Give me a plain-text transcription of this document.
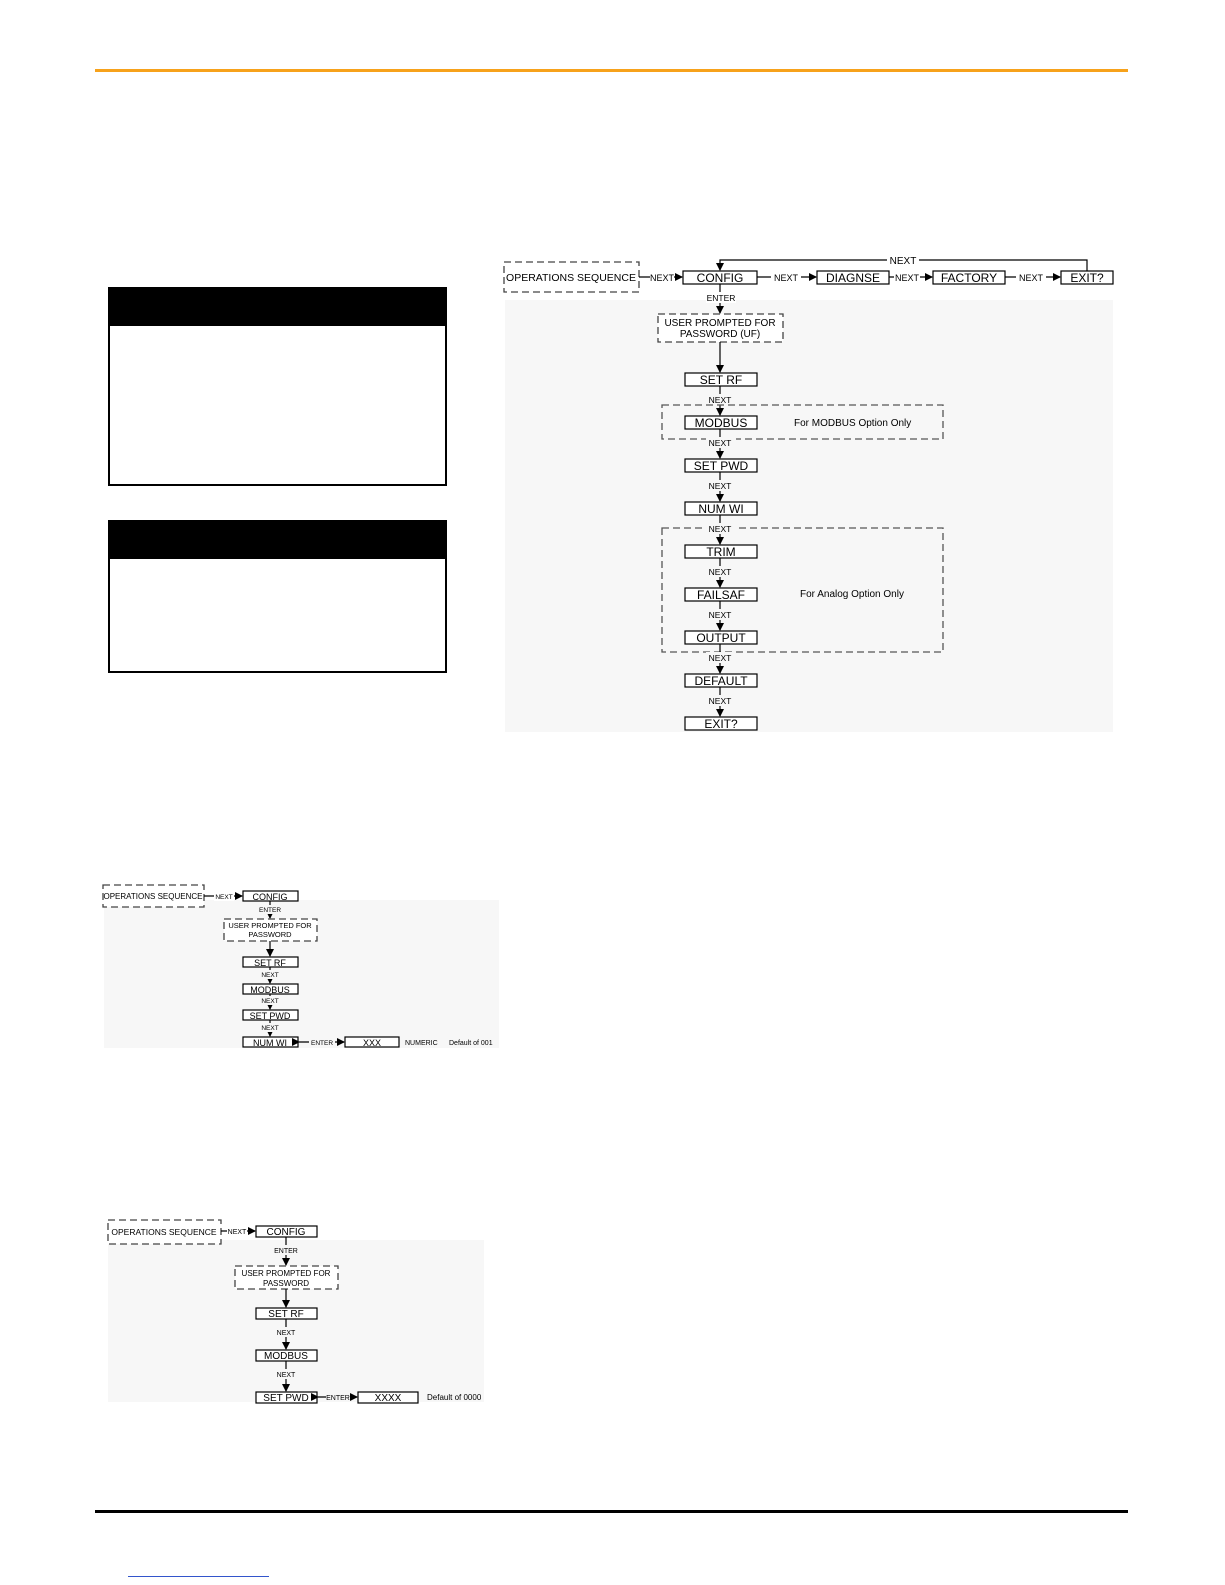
OPERATIONS SEQUENCE NEXT CONFIG	NEXT DIAGNSE NEXT FACTORY NEXT EXIT?
NEXT
ENTER
USER PROMPTED FOR
PASSWORD (UF)
SET RF
NEXT
MODBUS	For MODBUS Option Only
NEXT
SET PWD
NEXT
NUM WI
NEXT
TRIM
NEXT
FAILSAF	For Analog Option Only
NEXT
OUTPUT
NEXT
DEFAULT
NEXT
EXIT?
OPERATIONS SEQUENCE NEXT CONFIG
ENTER
USER PROMPTED FOR
PASSWORD
SET RF
NEXT
MODBUS
NEXT
SET PWD
NEXT
NUM WI	ENTER	XXX	NUMERIC Default of 001
OPERATIONS SEQUENCE NEXT CONFIG
ENTER
USER PROMPTED FOR
PASSWORD
SET RF
NEXT
MODBUS
NEXT
SET PWD ENTER XXXX	Default of 0000
